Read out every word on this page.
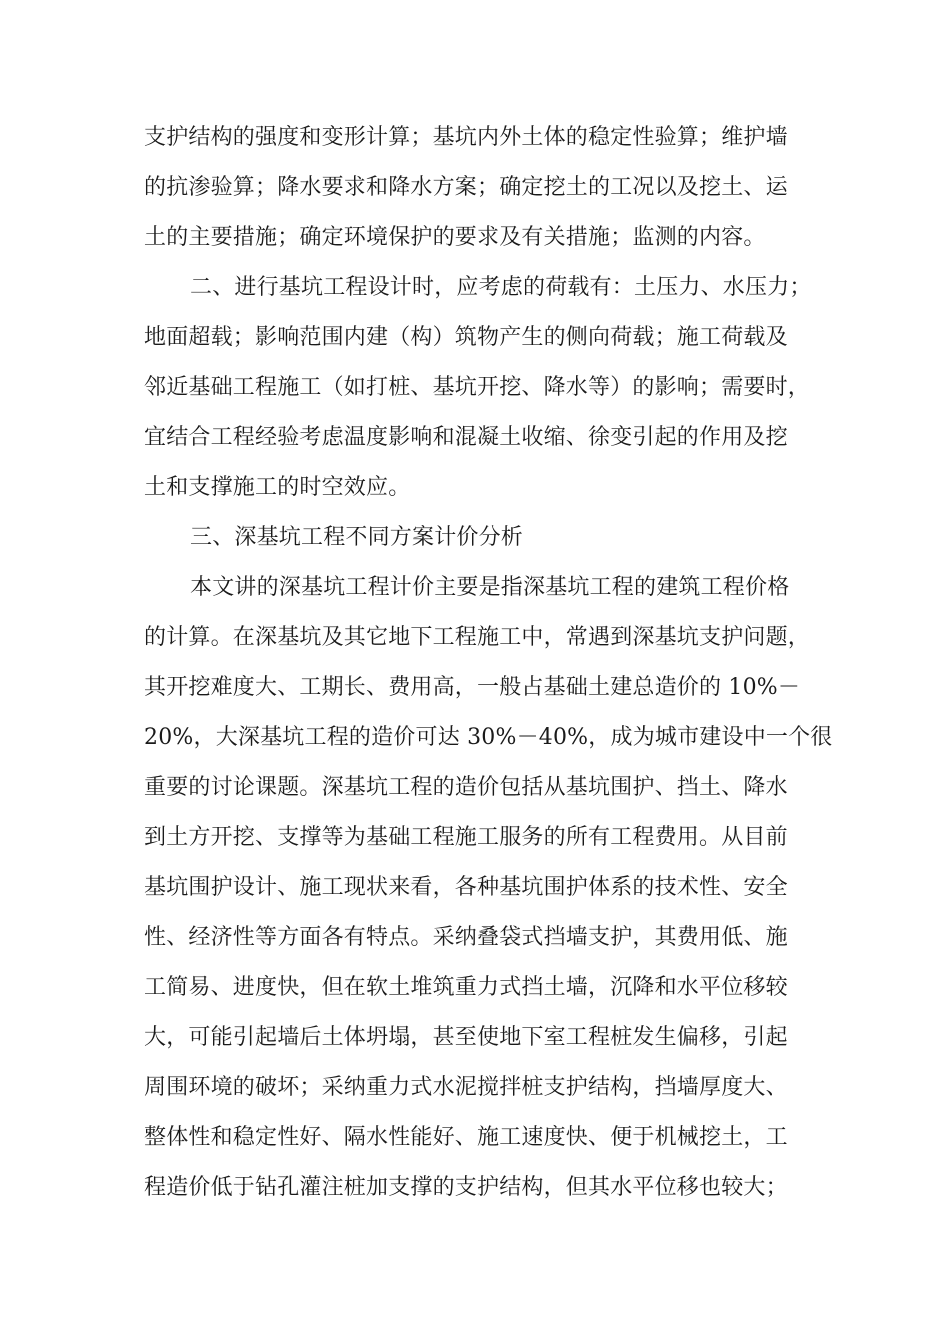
支护结构的强度和变形计算；基坑内外土体的稳定性验算；维护墙
的抗渗验算；降水要求和降水方案；确定挖土的工况以及挖土、运
土的主要措施；确定环境保护的要求及有关措施；监测的内容。
二、进行基坑工程设计时，应考虑的荷载有：土压力、水压力；
地面超载；影响范围内建（构）筑物产生的侧向荷载；施工荷载及
邻近基础工程施工（如打桩、基坑开挖、降水等）的影响；需要时，
宜结合工程经验考虑温度影响和混凝土收缩、徐变引起的作用及挖
土和支撑施工的时空效应。
三、深基坑工程不同方案计价分析
本文讲的深基坑工程计价主要是指深基坑工程的建筑工程价格
的计算。在深基坑及其它地下工程施工中，常遇到深基坑支护问题，
其开挖难度大、工期长、费用高，一般占基础土建总造价的 10%－
20%，大深基坑工程的造价可达 30%－40%，成为城市建设中一个很
重要的讨论课题。深基坑工程的造价包括从基坑围护、挡土、降水
到土方开挖、支撑等为基础工程施工服务的所有工程费用。从目前
基坑围护设计、施工现状来看，各种基坑围护体系的技术性、安全
性、经济性等方面各有特点。采纳叠袋式挡墙支护，其费用低、施
工简易、进度快，但在软土堆筑重力式挡土墙，沉降和水平位移较
大，可能引起墙后土体坍塌，甚至使地下室工程桩发生偏移，引起
周围环境的破坏；采纳重力式水泥搅拌桩支护结构，挡墙厚度大、
整体性和稳定性好、隔水性能好、施工速度快、便于机械挖土，工
程造价低于钻孔灌注桩加支撑的支护结构，但其水平位移也较大；
